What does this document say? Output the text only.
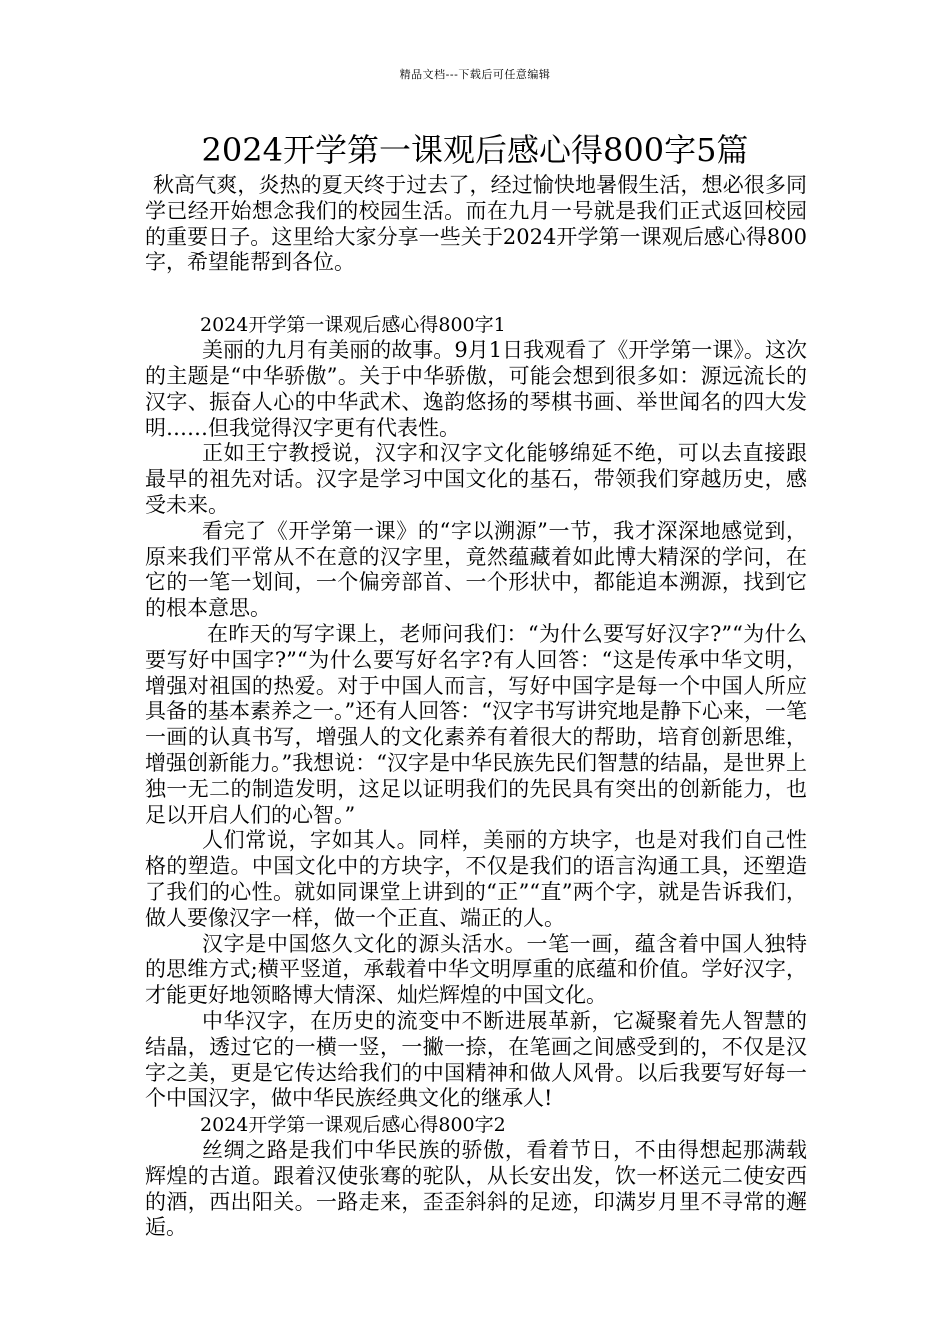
精品文档---下载后可任意编辑
2024开学第一课观后感心得800字5篇

秋高气爽，炎热的夏天终于过去了，经过愉快地暑假生活，想必很多同学已经开始想念我们的校园生活。而在九月一号就是我们正式返回校园的重要日子。这里给大家分享一些关于2024开学第一课观后感心得800字，希望能帮到各位。

2024开学第一课观后感心得800字1

美丽的九月有美丽的故事。9月1日我观看了《开学第一课》。这次的主题是“中华骄傲”。关于中华骄傲，可能会想到很多如：源远流长的汉字、振奋人心的中华武术、逸韵悠扬的琴棋书画、举世闻名的四大发明……但我觉得汉字更有代表性。

正如王宁教授说，汉字和汉字文化能够绵延不绝，可以去直接跟最早的祖先对话。汉字是学习中国文化的基石，带领我们穿越历史，感受未来。

看完了《开学第一课》的“字以溯源”一节，我才深深地感觉到，原来我们平常从不在意的汉字里，竟然蕴藏着如此博大精深的学问，在它的一笔一划间，一个偏旁部首、一个形状中，都能追本溯源，找到它的根本意思。

在昨天的写字课上，老师问我们：“为什么要写好汉字?”“为什么要写好中国字?”“为什么要写好名字?有人回答：“这是传承中华文明，增强对祖国的热爱。对于中国人而言，写好中国字是每一个中国人所应具备的基本素养之一。”还有人回答：“汉字书写讲究地是静下心来，一笔一画的认真书写，增强人的文化素养有着很大的帮助，培育创新思维，增强创新能力。”我想说：“汉字是中华民族先民们智慧的结晶，是世界上独一无二的制造发明，这足以证明我们的先民具有突出的创新能力，也足以开启人们的心智。”

人们常说，字如其人。同样，美丽的方块字，也是对我们自己性格的塑造。中国文化中的方块字，不仅是我们的语言沟通工具，还塑造了我们的心性。就如同课堂上讲到的“正”“直”两个字，就是告诉我们，做人要像汉字一样，做一个正直、端正的人。

汉字是中国悠久文化的源头活水。一笔一画，蕴含着中国人独特的思维方式;横平竖道，承载着中华文明厚重的底蕴和价值。学好汉字，才能更好地领略博大情深、灿烂辉煌的中国文化。

中华汉字，在历史的流变中不断进展革新，它凝聚着先人智慧的结晶，透过它的一横一竖，一撇一捺，在笔画之间感受到的，不仅是汉字之美，更是它传达给我们的中国精神和做人风骨。以后我要写好每一个中国汉字，做中华民族经典文化的继承人!

2024开学第一课观后感心得800字2

丝绸之路是我们中华民族的骄傲，看着节日，不由得想起那满载辉煌的古道。跟着汉使张骞的驼队，从长安出发，饮一杯送元二使安西的酒，西出阳关。一路走来，歪歪斜斜的足迹，印满岁月里不寻常的邂逅。
